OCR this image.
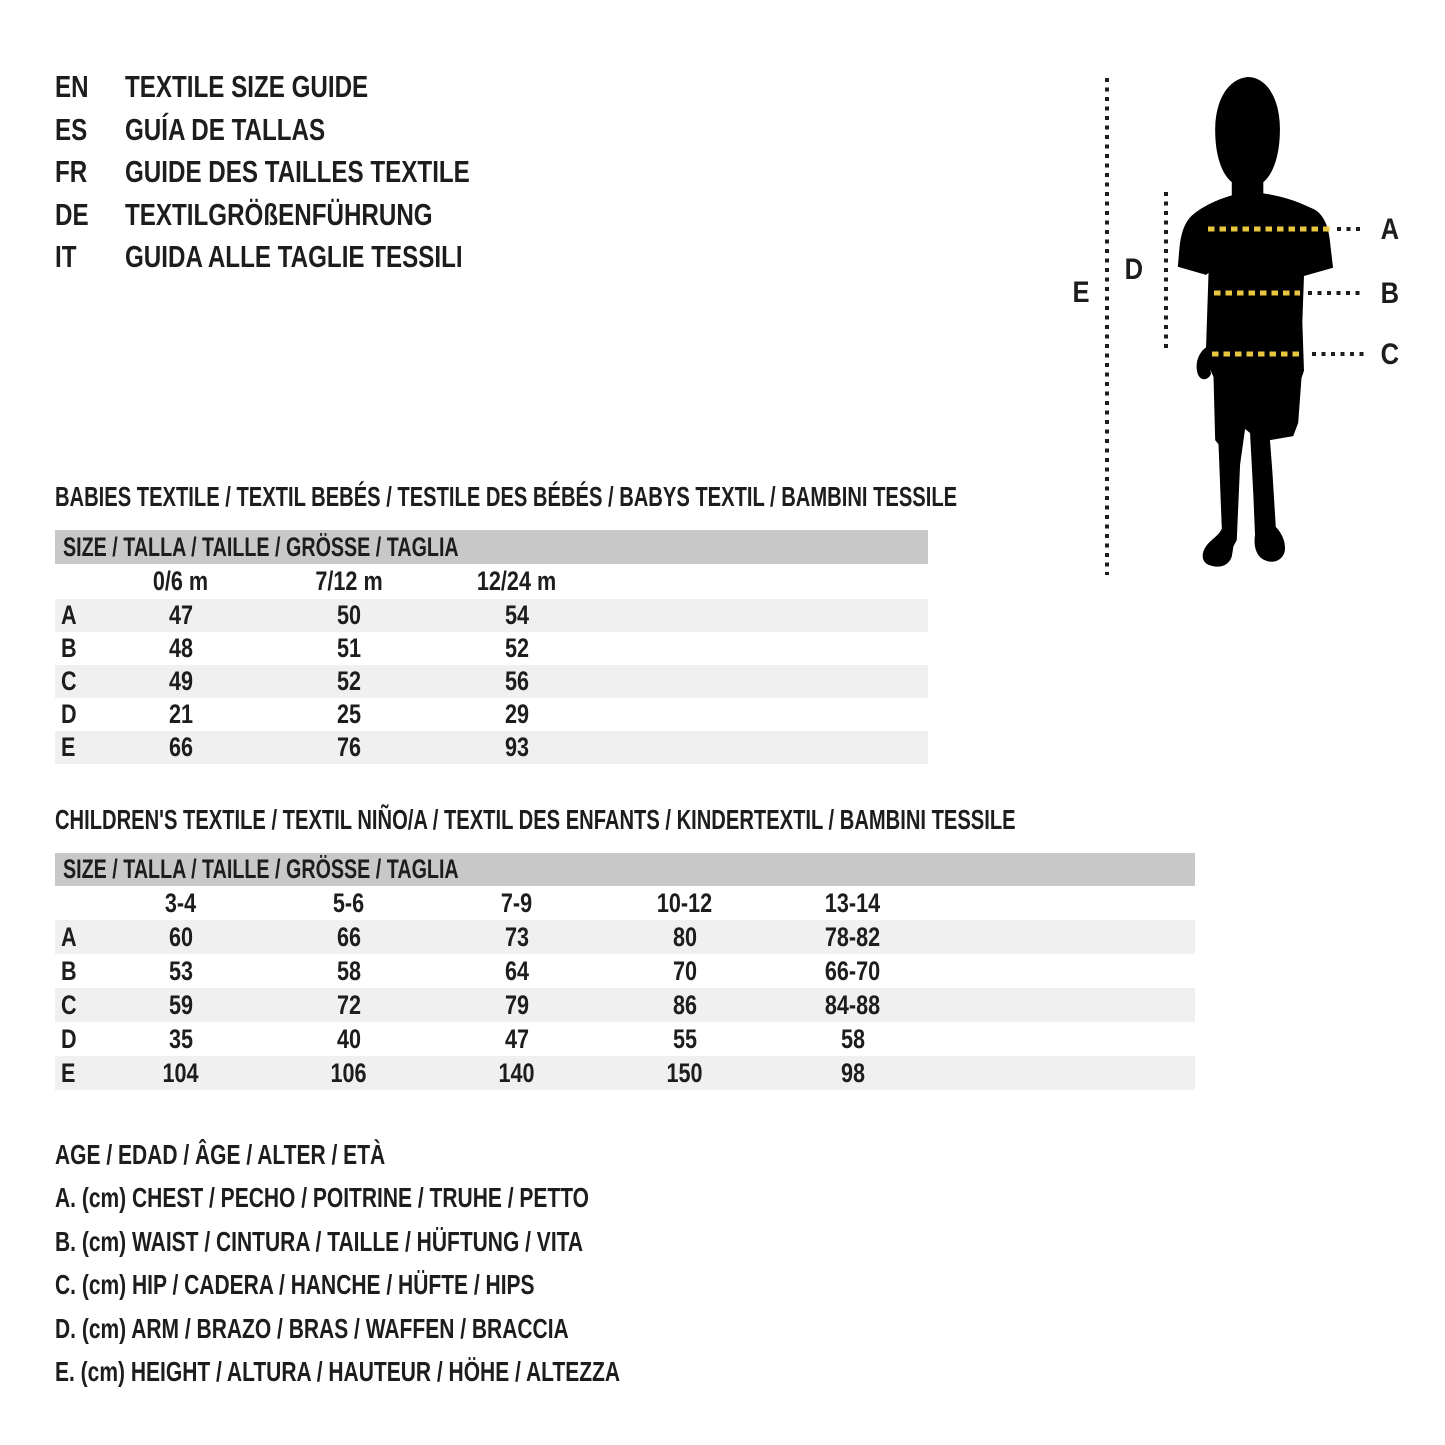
EN TEXTILE SIZE GUIDE
ES GUÍA DE TALLAS
FR GUIDE DES TAILLES TEXTILE
DE TEXTILGRÖßENFÜHRUNG
IT GUIDA ALLE TAGLIE TESSILI
A
B
C
D
E
BABIES TEXTILE / TEXTIL BEBÉS / TESTILE DES BÉBÉS / BABYS TEXTIL / BAMBINI TESSILE
SIZE / TALLA / TAILLE / GRÖSSE / TAGLIA				
	0/6 m	7/12 m	12/24 m	
A	47	50	54	
B	48	51	52	
C	49	52	56	
D	21	25	29	
E	66	76	93	
CHILDREN'S TEXTILE / TEXTIL NIÑO/A / TEXTIL DES ENFANTS / KINDERTEXTIL / BAMBINI TESSILE
SIZE / TALLA / TAILLE / GRÖSSE / TAGLIA						
	3-4	5-6	7-9	10-12	13-14	
A	60	66	73	80	78-82	
B	53	58	64	70	66-70	
C	59	72	79	86	84-88	
D	35	40	47	55	58	
E	104	106	140	150	98	
AGE / EDAD / ÂGE / ALTER / ETÀ
A. (cm) CHEST / PECHO / POITRINE / TRUHE / PETTO
B. (cm) WAIST / CINTURA / TAILLE / HÜFTUNG / VITA
C. (cm) HIP / CADERA / HANCHE / HÜFTE / HIPS
D. (cm) ARM / BRAZO / BRAS / WAFFEN / BRACCIA
E. (cm) HEIGHT / ALTURA / HAUTEUR / HÖHE / ALTEZZA
